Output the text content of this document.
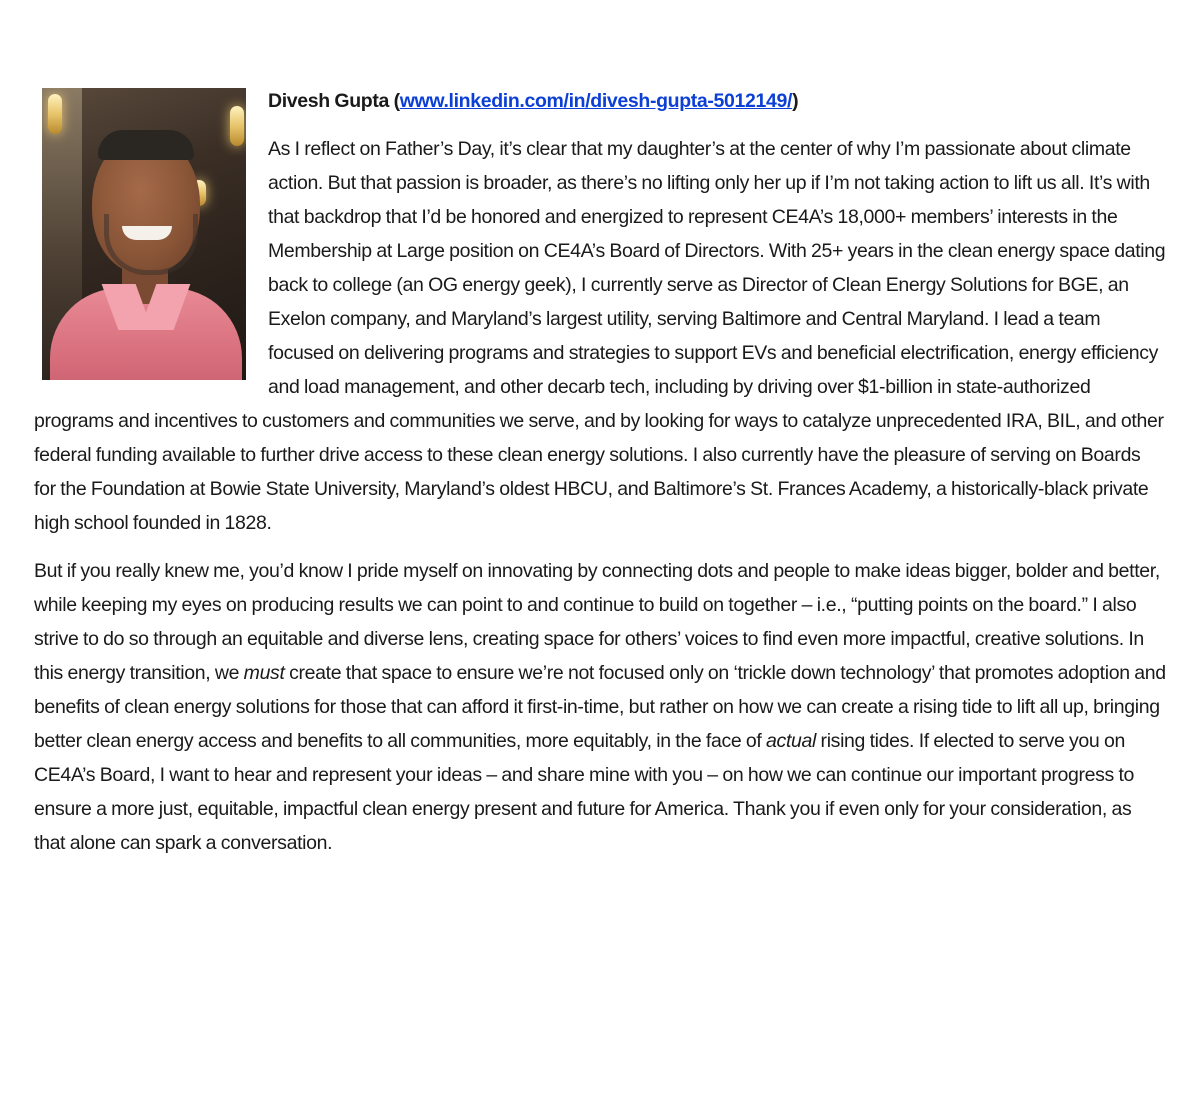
Divesh Gupta (www.linkedin.com/in/divesh-gupta-5012149/)

As I reflect on Father’s Day, it’s clear that my daughter’s at the center of why I’m passionate about climate action. But that passion is broader, as there’s no lifting only her up if I’m not taking action to lift us all. It’s with that backdrop that I’d be honored and energized to represent CE4A’s 18,000+ members’ interests in the Membership at Large position on CE4A’s Board of Directors. With 25+ years in the clean energy space dating back to college (an OG energy geek), I currently serve as Director of Clean Energy Solutions for BGE, an Exelon company, and Maryland’s largest utility, serving Baltimore and Central Maryland. I lead a team focused on delivering programs and strategies to support EVs and beneficial electrification, energy efficiency and load management, and other decarb tech, including by driving over $1-billion in state-authorized programs and incentives to customers and communities we serve, and by looking for ways to catalyze unprecedented IRA, BIL, and other federal funding available to further drive access to these clean energy solutions. I also currently have the pleasure of serving on Boards for the Foundation at Bowie State University, Maryland’s oldest HBCU, and Baltimore’s St. Frances Academy, a historically-black private high school founded in 1828.

But if you really knew me, you’d know I pride myself on innovating by connecting dots and people to make ideas bigger, bolder and better, while keeping my eyes on producing results we can point to and continue to build on together – i.e., “putting points on the board.” I also strive to do so through an equitable and diverse lens, creating space for others’ voices to find even more impactful, creative solutions. In this energy transition, we must create that space to ensure we’re not focused only on ‘trickle down technology’ that promotes adoption and benefits of clean energy solutions for those that can afford it first-in-time, but rather on how we can create a rising tide to lift all up, bringing better clean energy access and benefits to all communities, more equitably, in the face of actual rising tides. If elected to serve you on CE4A’s Board, I want to hear and represent your ideas – and share mine with you – on how we can continue our important progress to ensure a more just, equitable, impactful clean energy present and future for America. Thank you if even only for your consideration, as that alone can spark a conversation.
